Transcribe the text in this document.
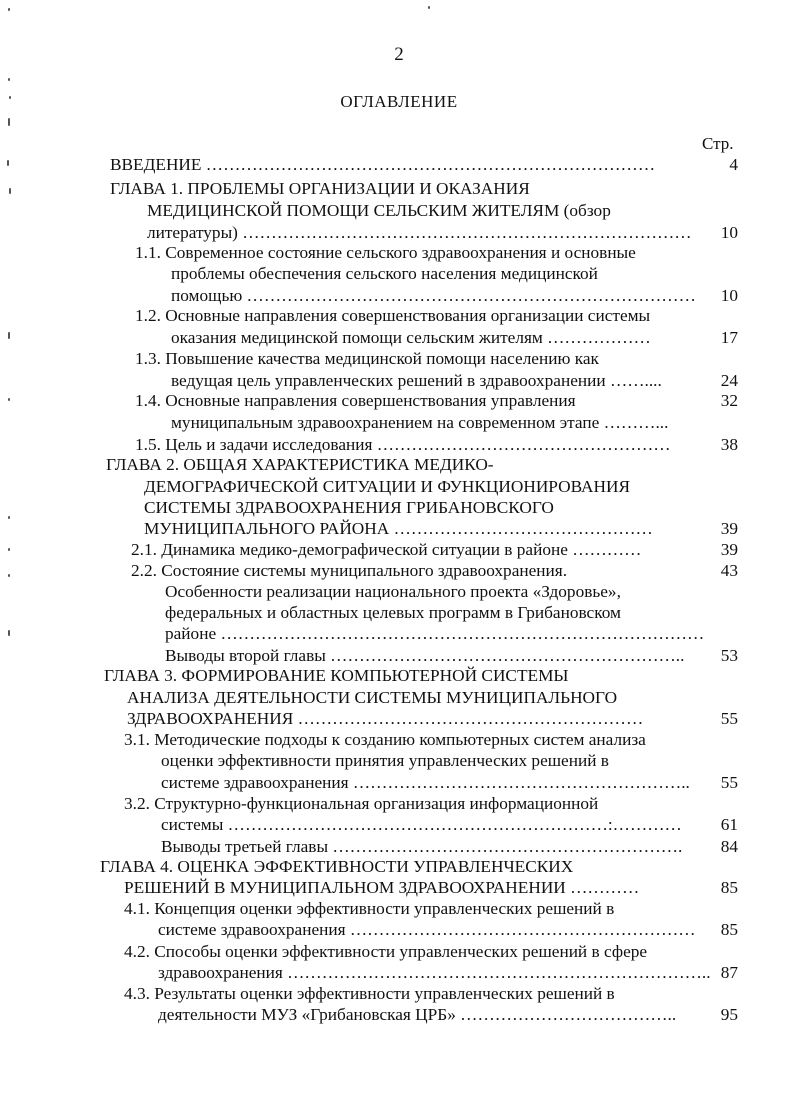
2
ОГЛАВЛЕНИЕ
Стр.
ВВЕДЕНИЕ ……………………………………………………………………	4
ГЛАВА 1. ПРОБЛЕМЫ ОРГАНИЗАЦИИ И ОКАЗАНИЯ
МЕДИЦИНСКОЙ ПОМОЩИ СЕЛЬСКИМ ЖИТЕЛЯМ (обзор
литературы) ……………………………………………………………………	10
1.1. Современное состояние сельского здравоохранения и основные
проблемы обеспечения сельского населения медицинской
помощью ……………………………………………………………………	10
1.2. Основные направления совершенствования организации системы
оказания медицинской помощи сельским жителям ………………	17
1.3. Повышение качества медицинской помощи населению как
ведущая цель управленческих решений в здравоохранении ……....	24
1.4. Основные направления совершенствования управления	32
муниципальным здравоохранением на современном этапе ………...
1.5. Цель и задачи исследования ……………………………………………	38
ГЛАВА 2. ОБЩАЯ ХАРАКТЕРИСТИКА МЕДИКО-
ДЕМОГРАФИЧЕСКОЙ СИТУАЦИИ И ФУНКЦИОНИРОВАНИЯ
СИСТЕМЫ ЗДРАВООХРАНЕНИЯ ГРИБАНОВСКОГО
МУНИЦИПАЛЬНОГО РАЙОНА ………………………………………	39
2.1. Динамика медико-демографической ситуации в районе …………	39
2.2. Состояние системы муниципального здравоохранения.	43
Особенности реализации национального проекта «Здоровье»,
федеральных и областных целевых программ в Грибановском
районе …………………………………………………………………………
Выводы второй главы ……………………………………………………..	53
ГЛАВА 3. ФОРМИРОВАНИЕ КОМПЬЮТЕРНОЙ СИСТЕМЫ
АНАЛИЗА ДЕЯТЕЛЬНОСТИ СИСТЕМЫ МУНИЦИПАЛЬНОГО
ЗДРАВООХРАНЕНИЯ ……………………………………………………	55
3.1. Методические подходы к созданию компьютерных систем анализа
оценки эффективности принятия управленческих решений в
системе здравоохранения …………………………………………………..	55
3.2. Структурно-функциональная организация информационной
системы …………………………………………………………:…………	61
Выводы третьей главы …………………………………………………….	84
ГЛАВА 4. ОЦЕНКА ЭФФЕКТИВНОСТИ УПРАВЛЕНЧЕСКИХ
РЕШЕНИЙ В МУНИЦИПАЛЬНОМ ЗДРАВООХРАНЕНИИ …………	85
4.1. Концепция оценки эффективности управленческих решений в
системе здравоохранения ……………………………………………………	85
4.2. Способы оценки эффективности управленческих решений в сфере
здравоохранения ……………………………………………………………….. 87
4.3. Результаты оценки эффективности управленческих решений в
деятельности МУЗ «Грибановская ЦРБ» ………………………………..	95
